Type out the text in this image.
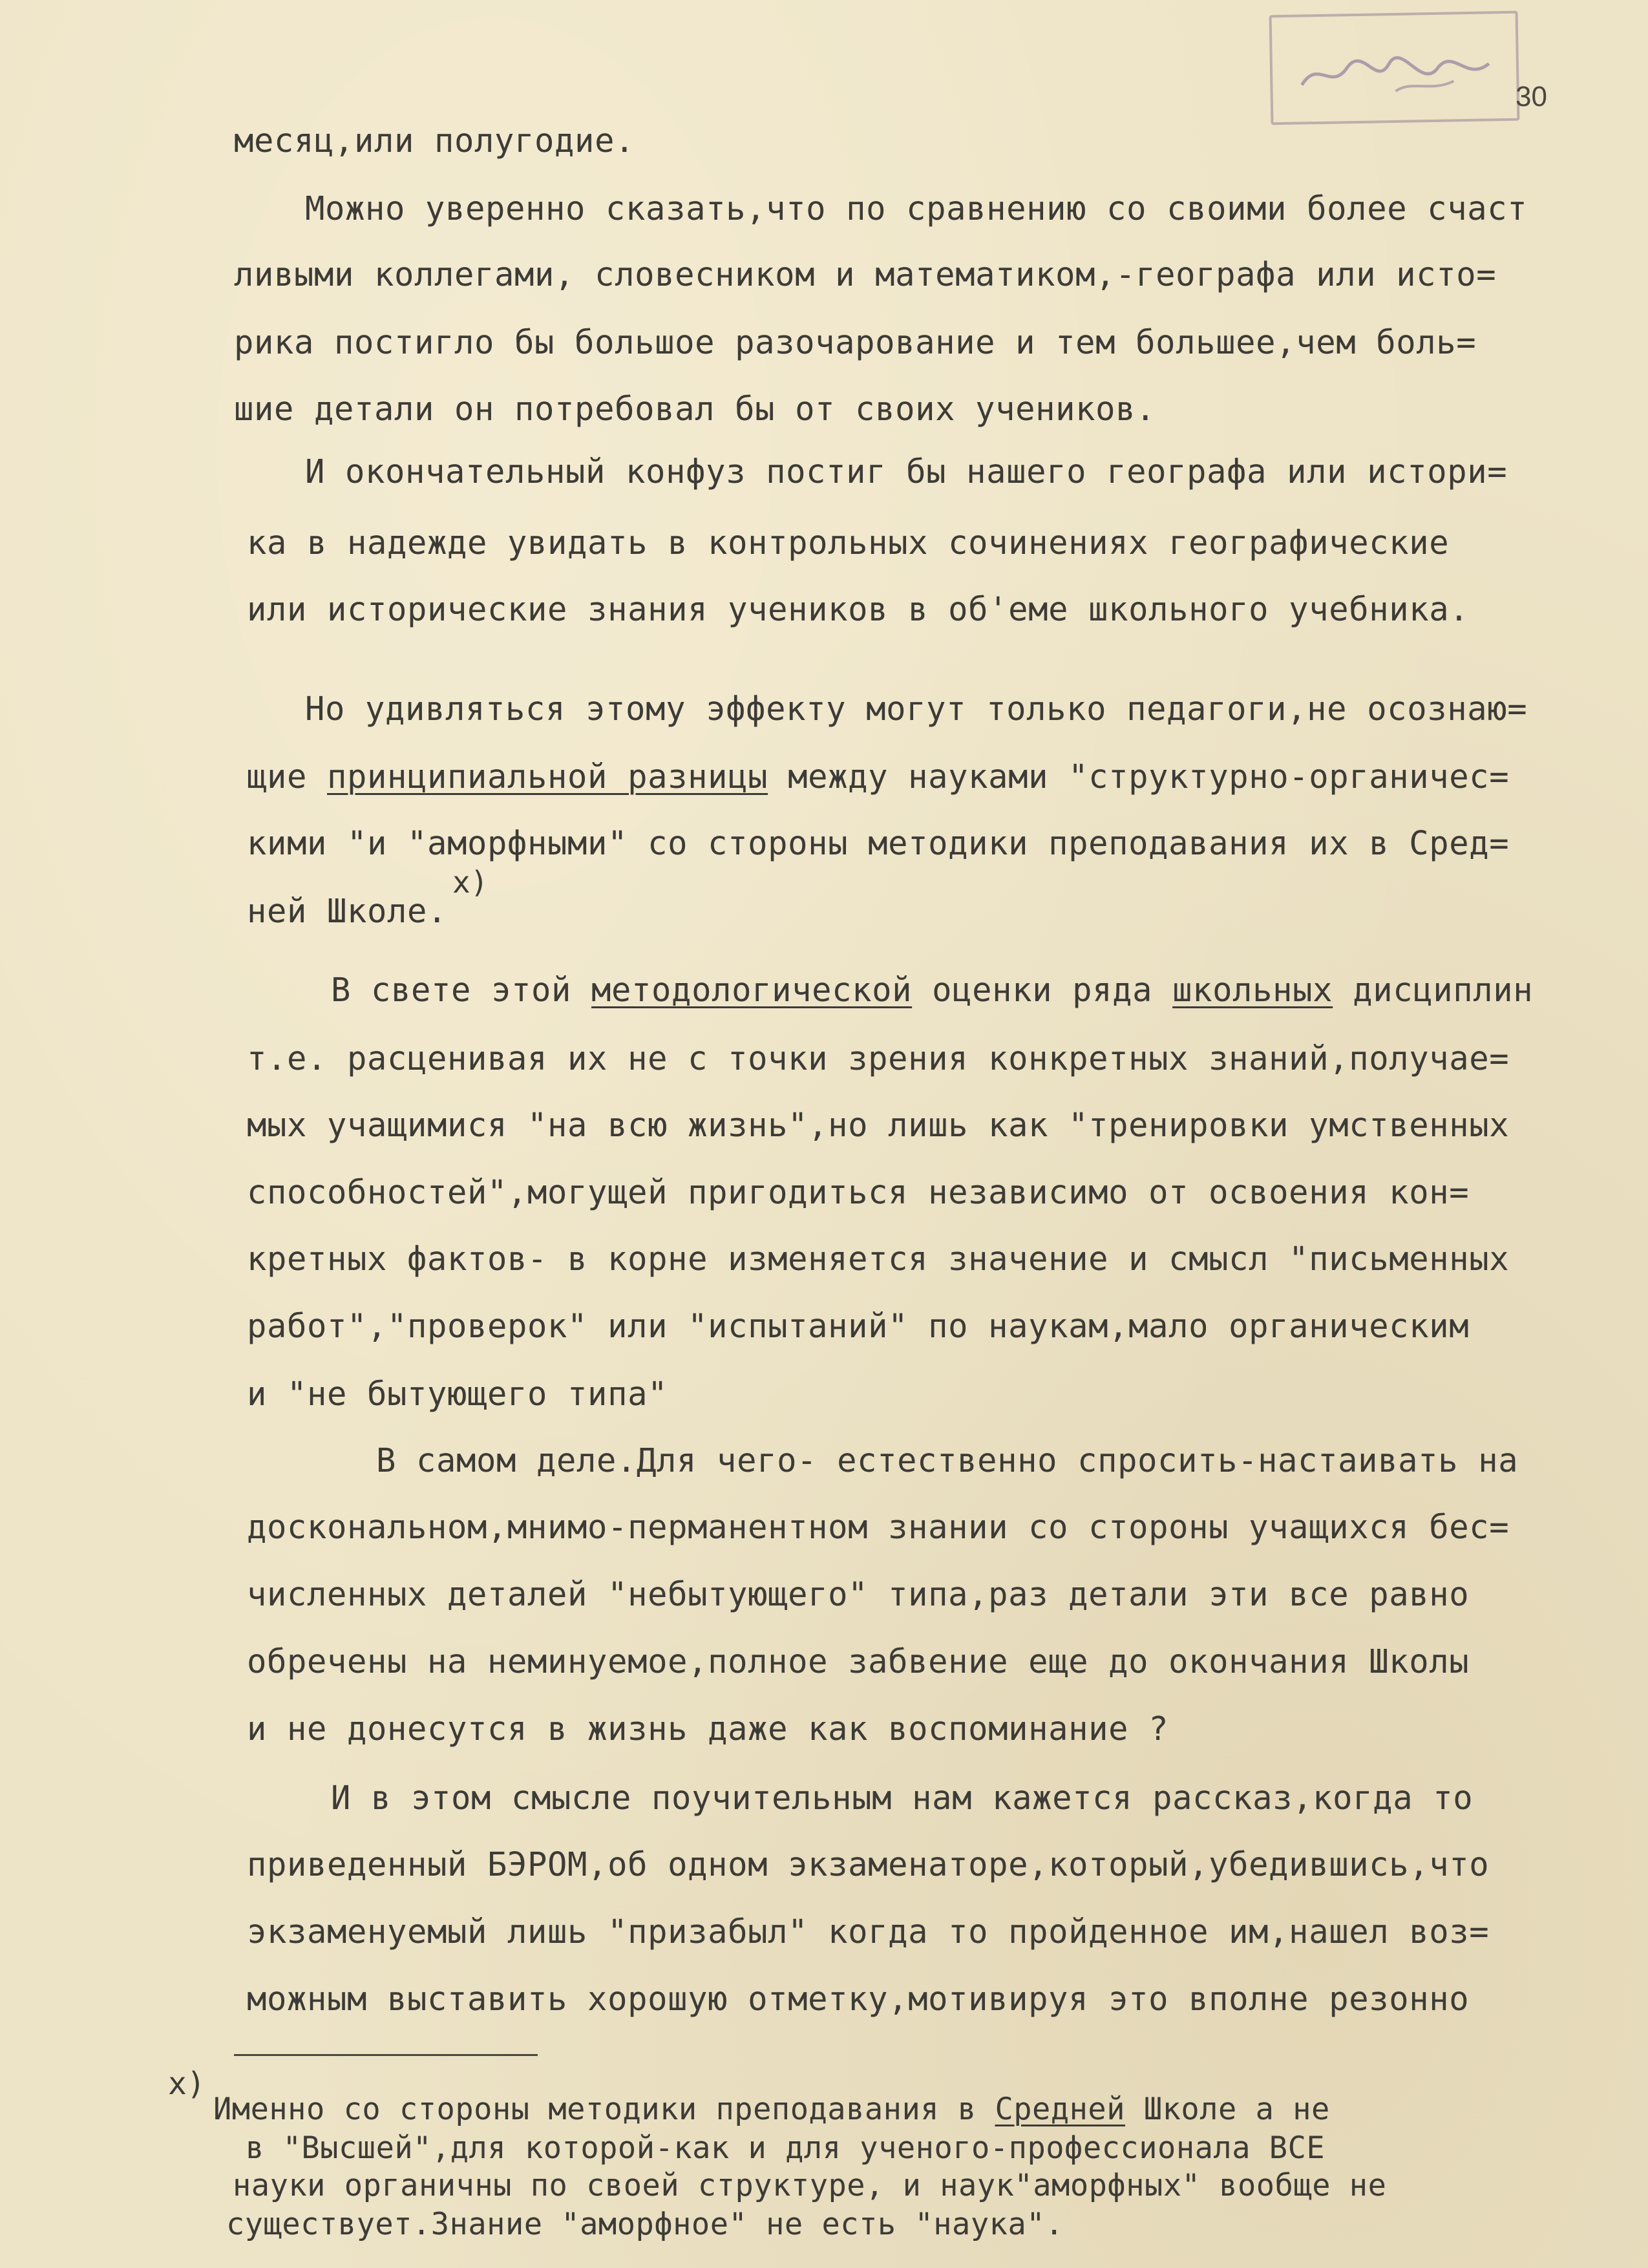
30
месяц,или полугодие.
Можно уверенно сказать,что по сравнению со своими более счаст
ливыми коллегами, словесником и математиком,-географа или исто=
рика постигло бы большое разочарование и тем большее,чем боль=
шие детали он потребовал бы от своих учеников.
И окончательный конфуз постиг бы нашего географа или истори=
ка в надежде увидать в контрольных сочинениях географические
или исторические знания учеников в об'еме школьного учебника.
Но удивляться этому эффекту могут только педагоги,не осознаю=
щие принципиальной разницы между науками "структурно-органичес=
кими "и "аморфными" со стороны методики преподавания их в Сред=
x)
ней Школе.
В свете этой методологической оценки ряда школьных дисциплин
т.е. расценивая их не с точки зрения конкретных знаний,получае=
мых учащимися "на всю жизнь",но лишь как "тренировки умственных
способностей",могущей пригодиться независимо от освоения кон=
кретных фактов- в корне изменяется значение и смысл "письменных
работ","проверок" или "испытаний" по наукам,мало органическим
и "не бытующего типа"
В самом деле.Для чего- естественно спросить-настаивать на
доскональном,мнимо-перманентном знании со стороны учащихся бес=
численных деталей "небытующего" типа,раз детали эти все равно
обречены на неминуемое,полное забвение еще до окончания Школы
и не донесутся в жизнь даже как воспоминание ?
И в этом смысле поучительным нам кажется рассказ,когда то
приведенный БЭРОМ,об одном экзаменаторе,который,убедившись,что
экзаменуемый лишь "призабыл" когда то пройденное им,нашел воз=
можным выставить хорошую отметку,мотивируя это вполне резонно
x)
Именно со стороны методики преподавания в Средней Школе а не
в "Высшей",для которой-как и для ученого-профессионала ВСЕ
науки органичны по своей структуре, и наук"аморфных" вообще не
существует.Знание "аморфное" не есть "наука".
